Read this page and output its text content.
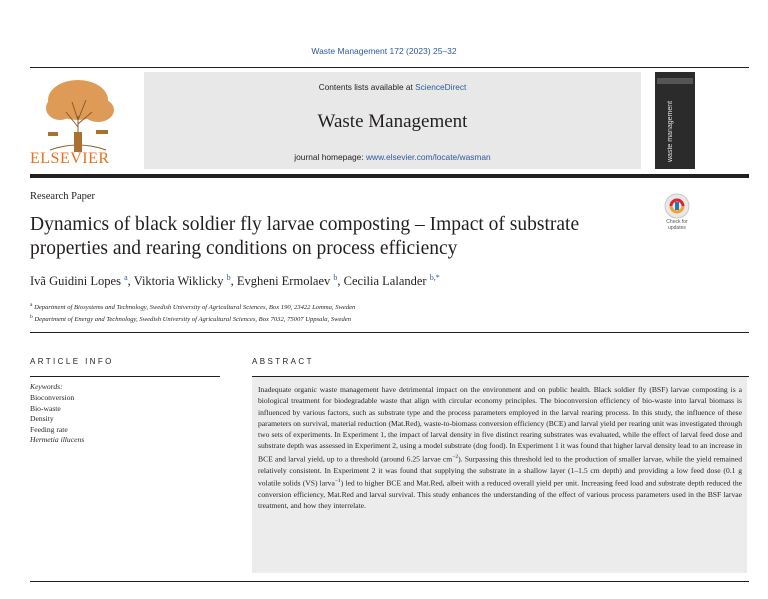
Waste Management 172 (2023) 25–32
ELSEVIER
Contents lists available at ScienceDirect
Waste Management
journal homepage: www.elsevier.com/locate/wasman	waste management
Research Paper
Dynamics of black soldier fly larvae composting – Impact of substrate properties and rearing conditions on process efficiency
Check for updates
Ivã Guidini Lopes $^a$, Viktoria Wiklicky $^b$, Evgheni Ermolaev $^b$, Cecilia Lalander $^{b,*}$
$^a$ Department of Biosystems and Technology, Swedish University of Agricultural Sciences, Box 190, 23422 Lomma, Sweden
$^b$ Department of Energy and Technology, Swedish University of Agricultural Sciences, Box 7032, 75007 Uppsala, Sweden
ARTICLE INFO
Keywords:
Bioconversion
Bio-waste
Density
Feeding rate
Hermetia illucens
ABSTRACT
Inadequate organic waste management have detrimental impact on the environment and on public health. Black soldier fly (BSF) larvae composting is a biological treatment for biodegradable waste that align with circular economy principles. The bioconversion efficiency of bio-waste into larval biomass is influenced by various factors, such as substrate type and the process parameters employed in the larval rearing process. In this study, the influence of these parameters on survival, material reduction (Mat.Red), waste-to-biomass conversion efficiency (BCE) and larval yield per rearing unit was investigated through two sets of experiments. In Experiment 1, the impact of larval density in five distinct rearing substrates was evaluated, while the effect of larval feed dose and substrate depth was assessed in Experiment 2, using a model substrate (dog food). In Experiment 1 it was found that higher larval density lead to an increase in BCE and larval yield, up to a threshold (around 6.25 larvae $cm^{-2}$). Surpassing this threshold led to the production of smaller larvae, while the yield remained relatively consistent. In Experiment 2 it was found that supplying the substrate in a shallow layer (1–1.5 cm depth) and providing a low feed dose (0.1 g volatile solids (VS) larva$^{-1}$) led to higher BCE and Mat.Red, albeit with a reduced overall yield per unit. Increasing feed load and substrate depth reduced the conversion efficiency, Mat.Red and larval survival. This study enhances the understanding of the effect of various process parameters used in the BSF larvae treatment, and how they interrelate.
